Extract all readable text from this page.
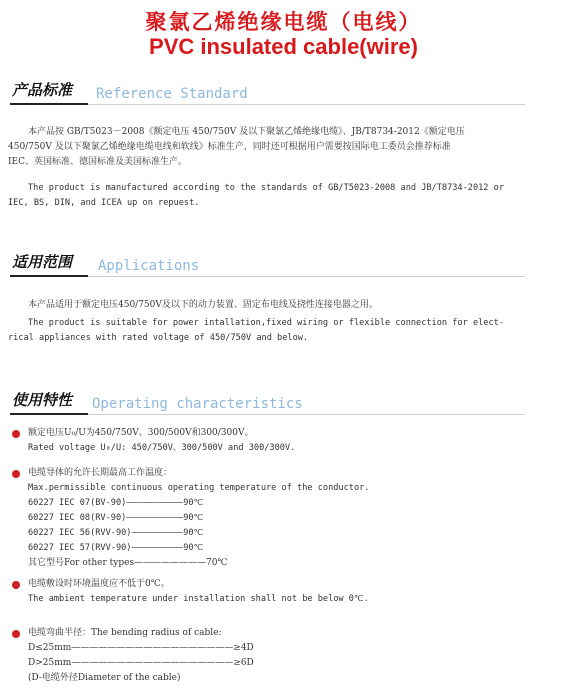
聚氯乙烯绝缘电缆（电线）
PVC insulated cable(wire)
产品标准 Reference Standard
本产品按 GB/T5023－2008《额定电压 450/750V 及以下聚氯乙烯绝缘电缆》、JB/T8734-2012《额定电压
450/750V 及以下聚氯乙烯绝缘电缆电线和软线》标准生产，同时还可根据用户需要按国际电工委员会推荐标准
IEC、英国标准、德国标准及美国标准生产。
The product is manufactured according to the standards of GB/T5023-2008 and JB/T8734-2012 or
IEC, BS, DIN, and ICEA up on repuest.
适用范围 Applications
本产品适用于额定电压450/750V及以下的动力装置、固定布电线及挠性连接电器之用。
The product is suitable for power intallation,fixed wiring or flexible connection for elect-
rical appliances with rated voltage of 450/750V and below.
使用特性 Operating characteristics
额定电压U₀/U为450/750V、300/500V和300/300V。
Rated voltage U₀/U: 450/750V、300/500V and 300/300V.
电缆导体的允许长期最高工作温度：
Max.permissible continuous operating temperature of the conductor.
60227 IEC 07(BV-90)———————————90℃
60227 IEC 08(RV-90)———————————90℃
60227 IEC 56(RVV-90)——————————90℃
60227 IEC 57(RVV-90)——————————90℃
其它型号For other types————————70℃
电缆敷设时环境温度应不低于0℃。
The ambient temperature under installation shall not be below 0℃.
电缆弯曲半径：The bending radius of cable:
D≤25mm——————————————————≥4D
D>25mm——————————————————≥6D
(D-电缆外径Diameter of the cable)
